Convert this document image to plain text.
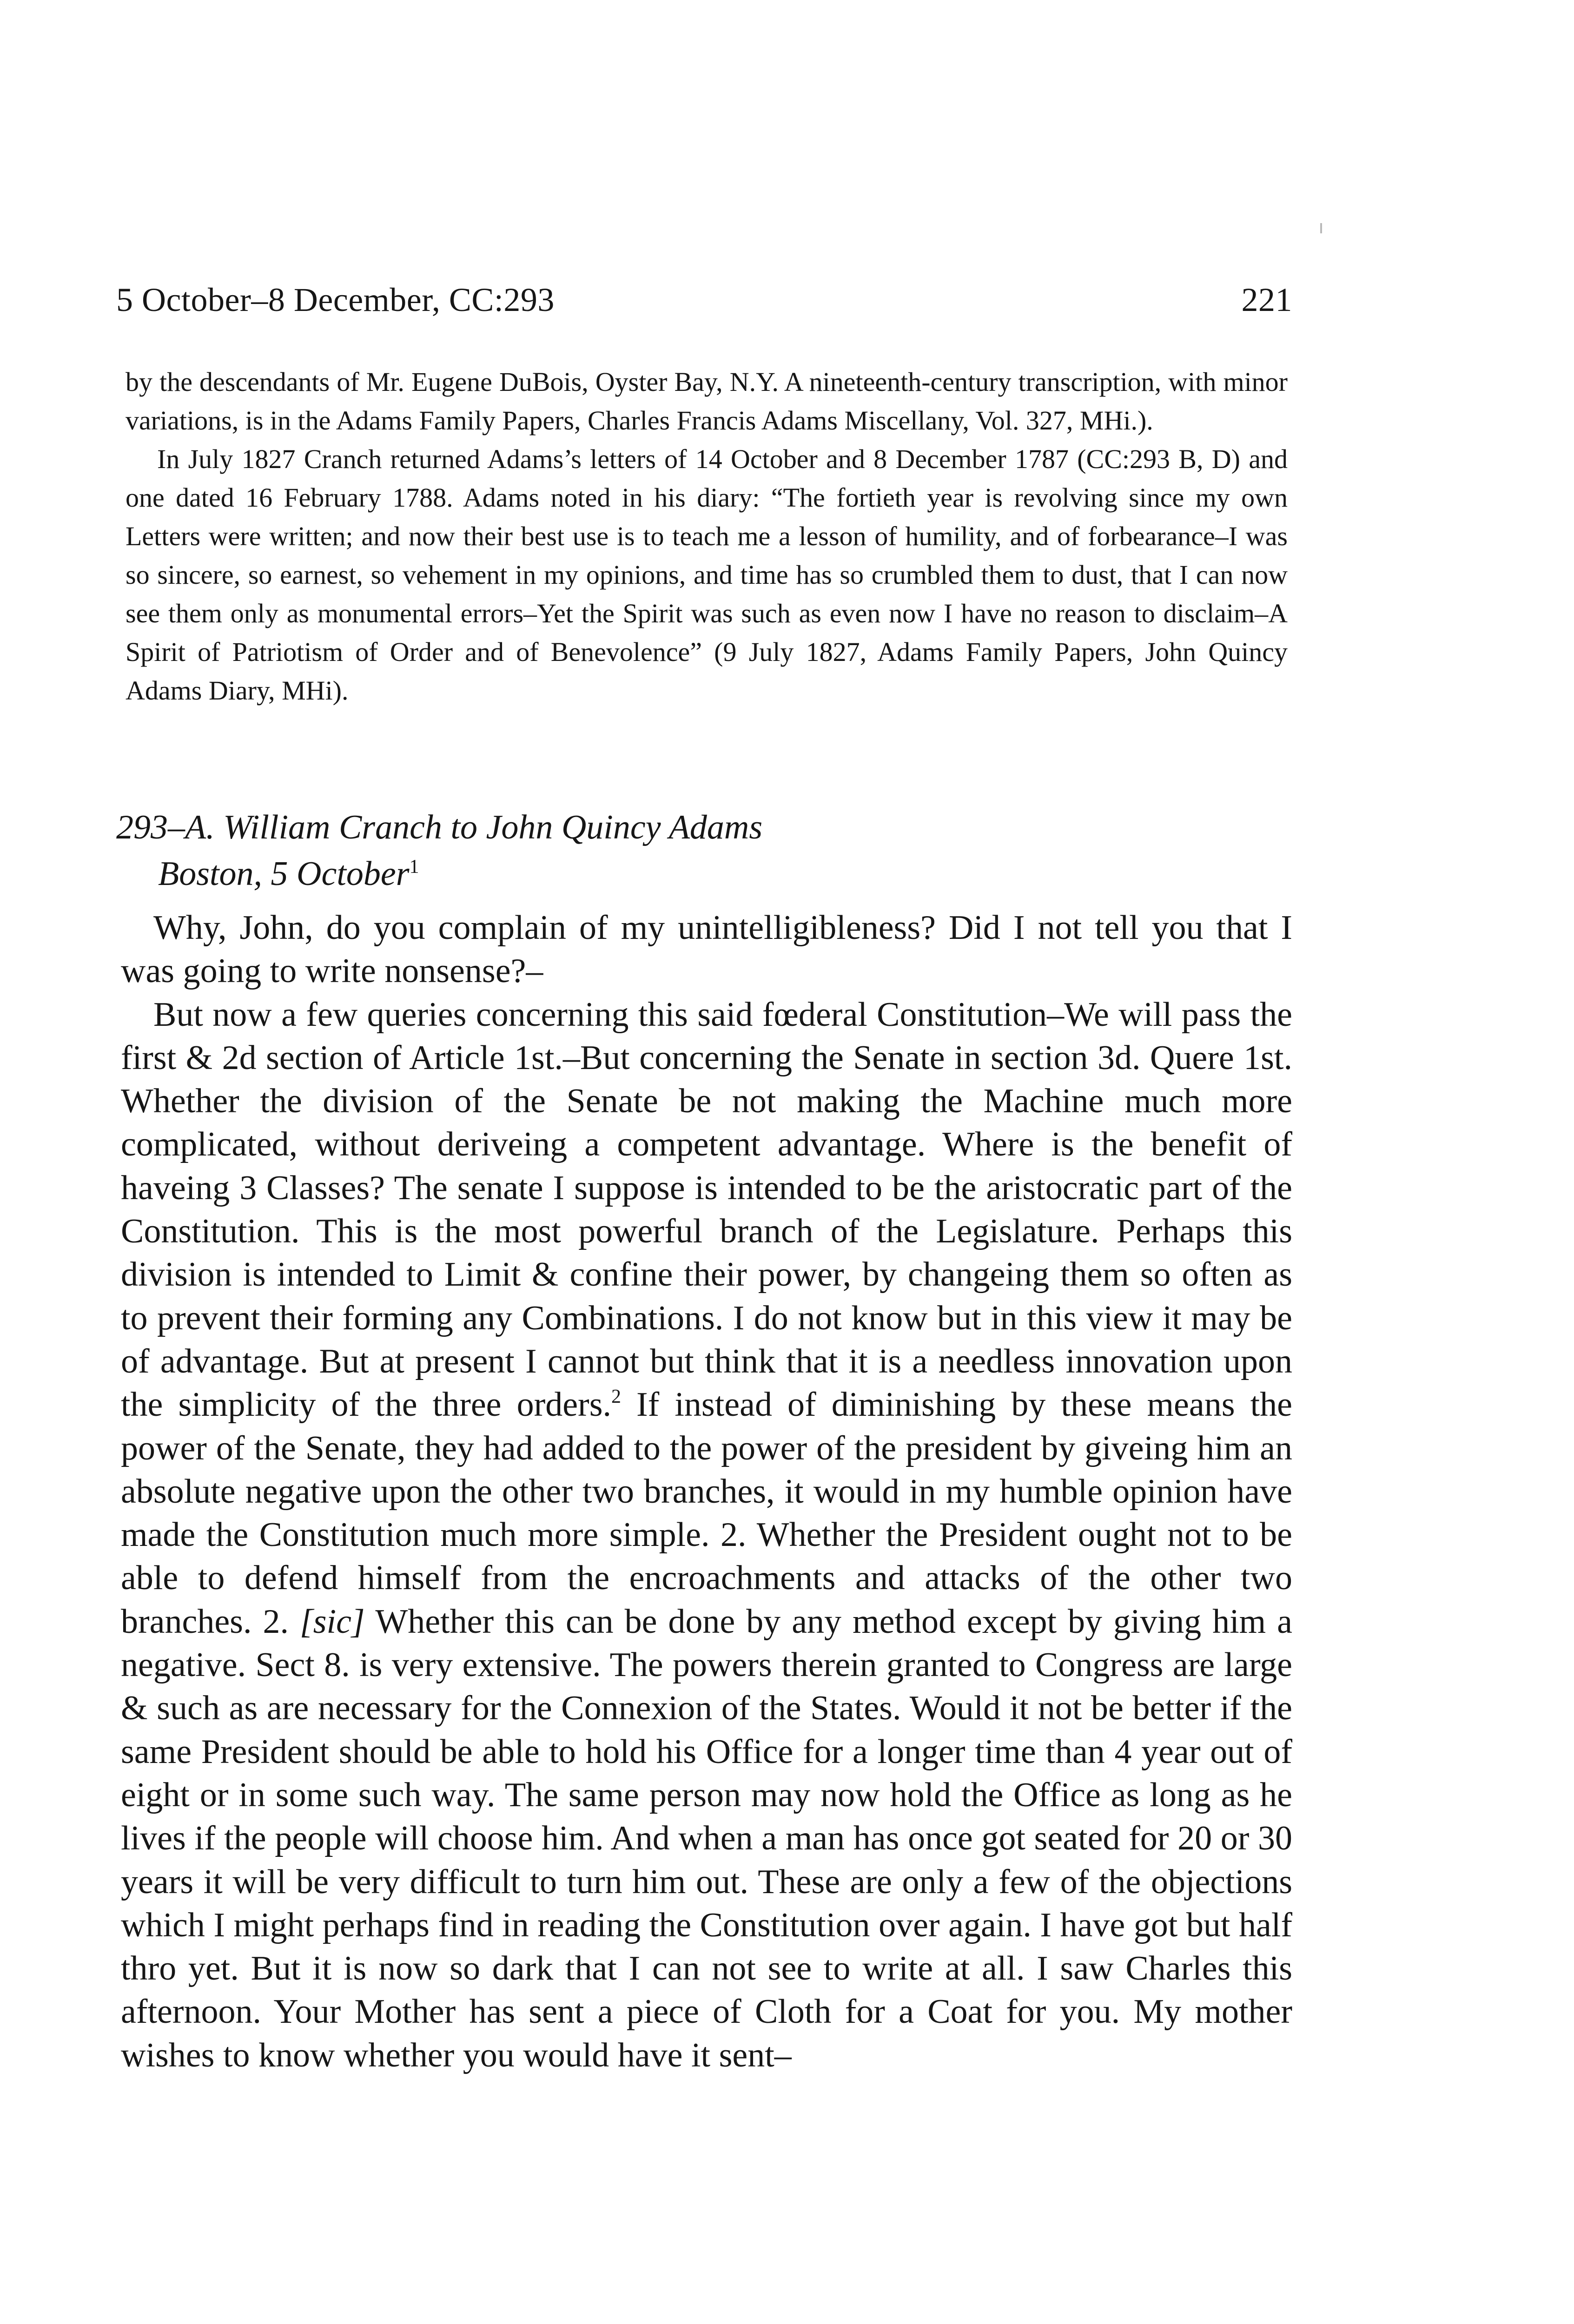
5 October–8 December, CC:293	221

by the descendants of Mr. Eugene DuBois, Oyster Bay, N.Y. A nineteenth-century transcription, with minor variations, is in the Adams Family Papers, Charles Francis Adams Miscellany, Vol. 327, MHi.).

In July 1827 Cranch returned Adams’s letters of 14 October and 8 December 1787 (CC:293 B, D) and one dated 16 February 1788. Adams noted in his diary: “The fortieth year is revolving since my own Letters were written; and now their best use is to teach me a lesson of humility, and of forbearance–I was so sincere, so earnest, so vehement in my opinions, and time has so crumbled them to dust, that I can now see them only as monumental errors–Yet the Spirit was such as even now I have no reason to disclaim–A Spirit of Patriotism of Order and of Benevolence” (9 July 1827, Adams Family Papers, John Quincy Adams Diary, MHi).

293–A. William Cranch to John Quincy Adams
Boston, 5 October$^1$

Why, John, do you complain of my unintelligibleness? Did I not tell you that I was going to write nonsense?–

But now a few queries concerning this said fœderal Constitution–We will pass the first & 2d section of Article 1st.–But concerning the Senate in section 3d. Quere 1st. Whether the division of the Senate be not making the Machine much more complicated, without deriveing a competent advantage. Where is the benefit of haveing 3 Classes? The senate I suppose is intended to be the aristocratic part of the Constitution. This is the most powerful branch of the Legislature. Perhaps this division is intended to Limit & confine their power, by changeing them so often as to prevent their forming any Combinations. I do not know but in this view it may be of advantage. But at present I cannot but think that it is a needless innovation upon the simplicity of the three orders.$^2$ If instead of diminishing by these means the power of the Senate, they had added to the power of the president by giveing him an absolute negative upon the other two branches, it would in my humble opinion have made the Constitution much more simple. 2. Whether the President ought not to be able to defend himself from the encroachments and attacks of the other two branches. 2. [sic] Whether this can be done by any method except by giving him a negative. Sect 8. is very extensive. The powers therein granted to Congress are large & such as are necessary for the Connexion of the States. Would it not be better if the same President should be able to hold his Office for a longer time than 4 year out of eight or in some such way. The same person may now hold the Office as long as he lives if the people will choose him. And when a man has once got seated for 20 or 30 years it will be very difficult to turn him out. These are only a few of the objections which I might perhaps find in reading the Constitution over again. I have got but half thro yet. But it is now so dark that I can not see to write at all. I saw Charles this afternoon. Your Mother has sent a piece of Cloth for a Coat for you. My mother wishes to know whether you would have it sent–
